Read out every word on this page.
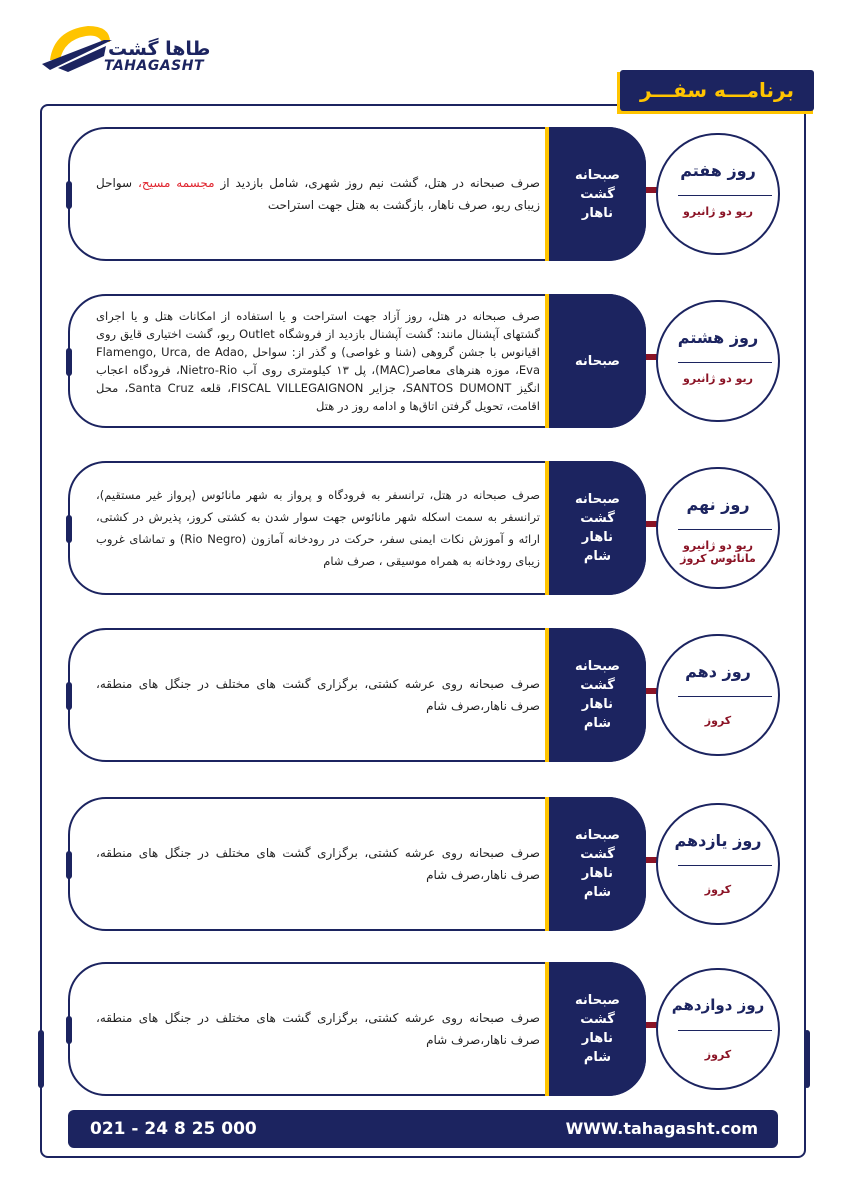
طاها گشت
TAHAGASHT
برنامـــه سفـــر
صرف صبحانه در هتل، گشت نیم روز شهری، شامل بازدید از مجسمه مسیح، سواحل زیبای ریو، صرف ناهار، بازگشت به هتل جهت استراحت
صبحانه
گشت
ناهار
روز هفتم
ریو دو ژانیرو
صرف صبحانه در هتل، روز آزاد جهت استراحت و یا استفاده از امکانات هتل و یا اجرای گشتهای آپشنال مانند: گشت آپشنال بازدید از فروشگاه Outlet ریو، گشت اختیاری قایق روی اقیانوس با جشن گروهی (شنا و غواصی) و گذر از: سواحل Flamengo, Urca, de Adao, Eva، موزه هنرهای معاصر(MAC)، پل ۱۳ کیلومتری روی آب Nietro-Rio، فرودگاه اعجاب انگیز SANTOS DUMONT، جزایر FISCAL VILLEGAIGNON، قلعه Santa Cruz، محل اقامت، تحویل گرفتن اتاق‌ها و ادامه روز در هتل
صبحانه
روز هشتم
ریو دو ژانیرو
صرف صبحانه در هتل، ترانسفر به فرودگاه و پرواز به شهر مانائوس (پرواز غیر مستقیم)، ترانسفر به سمت اسکله شهر مانائوس جهت سوار شدن به کشتی کروز، پذیرش در کشتی، ارائه و آموزش نکات ایمنی سفر، حرکت در رودخانه آمازون (Rio Negro) و تماشای غروب زیبای رودخانه به همراه موسیقی ، صرف شام
صبحانه
گشت
ناهار
شام
روز نهم
ریو دو ژانیرو مانائوس کروز
صرف صبحانه روی عرشه کشتی، برگزاری گشت های مختلف در جنگل های منطقه، صرف ناهار،صرف شام
صبحانه
گشت
ناهار
شام
روز دهم
کروز
صرف صبحانه روی عرشه کشتی، برگزاری گشت های مختلف در جنگل های منطقه، صرف ناهار،صرف شام
صبحانه
گشت
ناهار
شام
روز یازدهم
کروز
صرف صبحانه روی عرشه کشتی، برگزاری گشت های مختلف در جنگل های منطقه، صرف ناهار،صرف شام
صبحانه
گشت
ناهار
شام
روز دوازدهم
کروز
021 - 24 8 25 000	WWW.tahagasht.com
